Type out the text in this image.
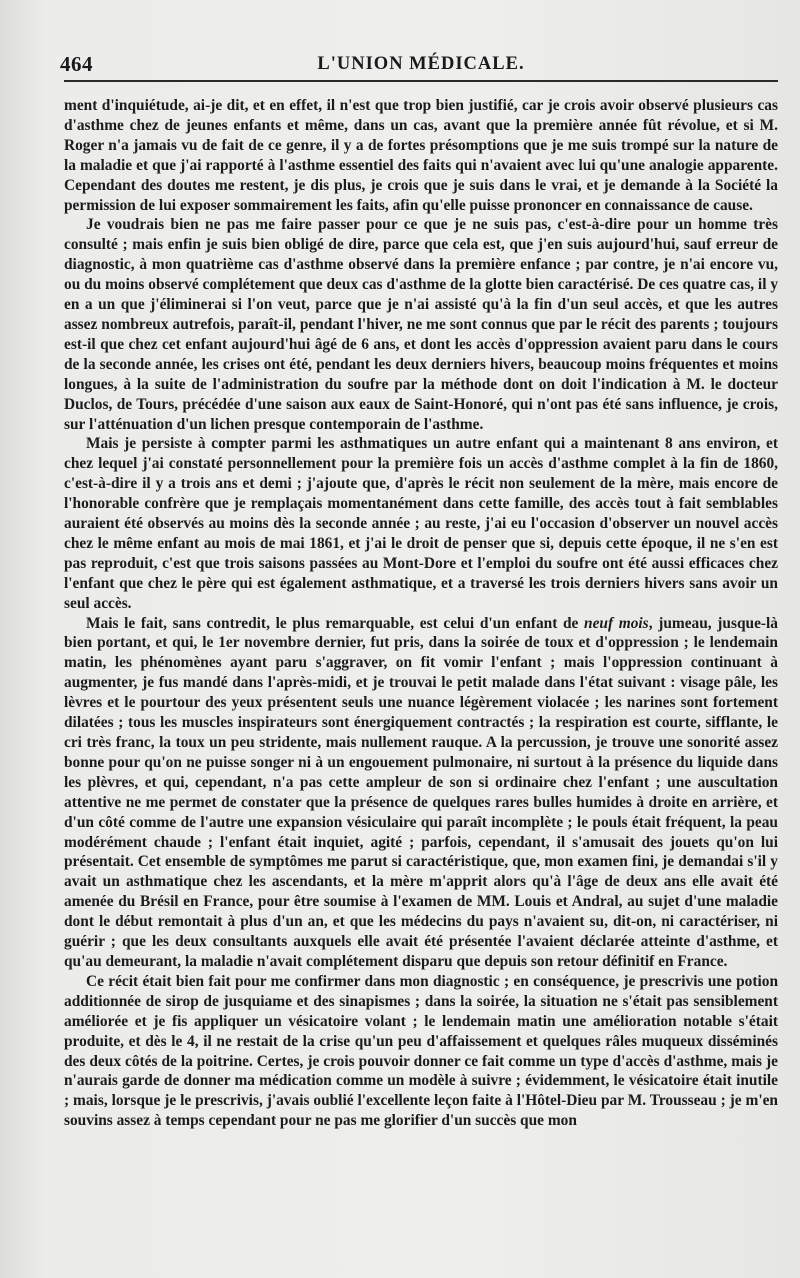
464	L'UNION MÉDICALE.

ment d'inquiétude, ai-je dit, et en effet, il n'est que trop bien justifié, car je crois avoir observé plusieurs cas d'asthme chez de jeunes enfants et même, dans un cas, avant que la première année fût révolue, et si M. Roger n'a jamais vu de fait de ce genre, il y a de fortes présomptions que je me suis trompé sur la nature de la maladie et que j'ai rapporté à l'asthme essentiel des faits qui n'avaient avec lui qu'une analogie apparente. Cependant des doutes me restent, je dis plus, je crois que je suis dans le vrai, et je demande à la Société la permission de lui exposer sommairement les faits, afin qu'elle puisse prononcer en connaissance de cause.

Je voudrais bien ne pas me faire passer pour ce que je ne suis pas, c'est-à-dire pour un homme très consulté ; mais enfin je suis bien obligé de dire, parce que cela est, que j'en suis aujourd'hui, sauf erreur de diagnostic, à mon quatrième cas d'asthme observé dans la première enfance ; par contre, je n'ai encore vu, ou du moins observé complétement que deux cas d'asthme de la glotte bien caractérisé. De ces quatre cas, il y en a un que j'éliminerai si l'on veut, parce que je n'ai assisté qu'à la fin d'un seul accès, et que les autres assez nombreux autrefois, paraît-il, pendant l'hiver, ne me sont connus que par le récit des parents ; toujours est-il que chez cet enfant aujourd'hui âgé de 6 ans, et dont les accès d'oppression avaient paru dans le cours de la seconde année, les crises ont été, pendant les deux derniers hivers, beaucoup moins fréquentes et moins longues, à la suite de l'administration du soufre par la méthode dont on doit l'indication à M. le docteur Duclos, de Tours, précédée d'une saison aux eaux de Saint-Honoré, qui n'ont pas été sans influence, je crois, sur l'atténuation d'un lichen presque contemporain de l'asthme.

Mais je persiste à compter parmi les asthmatiques un autre enfant qui a maintenant 8 ans environ, et chez lequel j'ai constaté personnellement pour la première fois un accès d'asthme complet à la fin de 1860, c'est-à-dire il y a trois ans et demi ; j'ajoute que, d'après le récit non seulement de la mère, mais encore de l'honorable confrère que je remplaçais momentanément dans cette famille, des accès tout à fait semblables auraient été observés au moins dès la seconde année ; au reste, j'ai eu l'occasion d'observer un nouvel accès chez le même enfant au mois de mai 1861, et j'ai le droit de penser que si, depuis cette époque, il ne s'en est pas reproduit, c'est que trois saisons passées au Mont-Dore et l'emploi du soufre ont été aussi efficaces chez l'enfant que chez le père qui est également asthmatique, et a traversé les trois derniers hivers sans avoir un seul accès.

Mais le fait, sans contredit, le plus remarquable, est celui d'un enfant de neuf mois, jumeau, jusque-là bien portant, et qui, le 1er novembre dernier, fut pris, dans la soirée de toux et d'oppression ; le lendemain matin, les phénomènes ayant paru s'aggraver, on fit vomir l'enfant ; mais l'oppression continuant à augmenter, je fus mandé dans l'après-midi, et je trouvai le petit malade dans l'état suivant : visage pâle, les lèvres et le pourtour des yeux présentent seuls une nuance légèrement violacée ; les narines sont fortement dilatées ; tous les muscles inspirateurs sont énergiquement contractés ; la respiration est courte, sifflante, le cri très franc, la toux un peu stridente, mais nullement rauque. A la percussion, je trouve une sonorité assez bonne pour qu'on ne puisse songer ni à un engouement pulmonaire, ni surtout à la présence du liquide dans les plèvres, et qui, cependant, n'a pas cette ampleur de son si ordinaire chez l'enfant ; une auscultation attentive ne me permet de constater que la présence de quelques rares bulles humides à droite en arrière, et d'un côté comme de l'autre une expansion vésiculaire qui paraît incomplète ; le pouls était fréquent, la peau modérément chaude ; l'enfant était inquiet, agité ; parfois, cependant, il s'amusait des jouets qu'on lui présentait. Cet ensemble de symptômes me parut si caractéristique, que, mon examen fini, je demandai s'il y avait un asthmatique chez les ascendants, et la mère m'apprit alors qu'à l'âge de deux ans elle avait été amenée du Brésil en France, pour être soumise à l'examen de MM. Louis et Andral, au sujet d'une maladie dont le début remontait à plus d'un an, et que les médecins du pays n'avaient su, dit-on, ni caractériser, ni guérir ; que les deux consultants auxquels elle avait été présentée l'avaient déclarée atteinte d'asthme, et qu'au demeurant, la maladie n'avait complétement disparu que depuis son retour définitif en France.

Ce récit était bien fait pour me confirmer dans mon diagnostic ; en conséquence, je prescrivis une potion additionnée de sirop de jusquiame et des sinapismes ; dans la soirée, la situation ne s'était pas sensiblement améliorée et je fis appliquer un vésicatoire volant ; le lendemain matin une amélioration notable s'était produite, et dès le 4, il ne restait de la crise qu'un peu d'affaissement et quelques râles muqueux disséminés des deux côtés de la poitrine. Certes, je crois pouvoir donner ce fait comme un type d'accès d'asthme, mais je n'aurais garde de donner ma médication comme un modèle à suivre ; évidemment, le vésicatoire était inutile ; mais, lorsque je le prescrivis, j'avais oublié l'excellente leçon faite à l'Hôtel-Dieu par M. Trousseau ; je m'en souvins assez à temps cependant pour ne pas me glorifier d'un succès que mon
